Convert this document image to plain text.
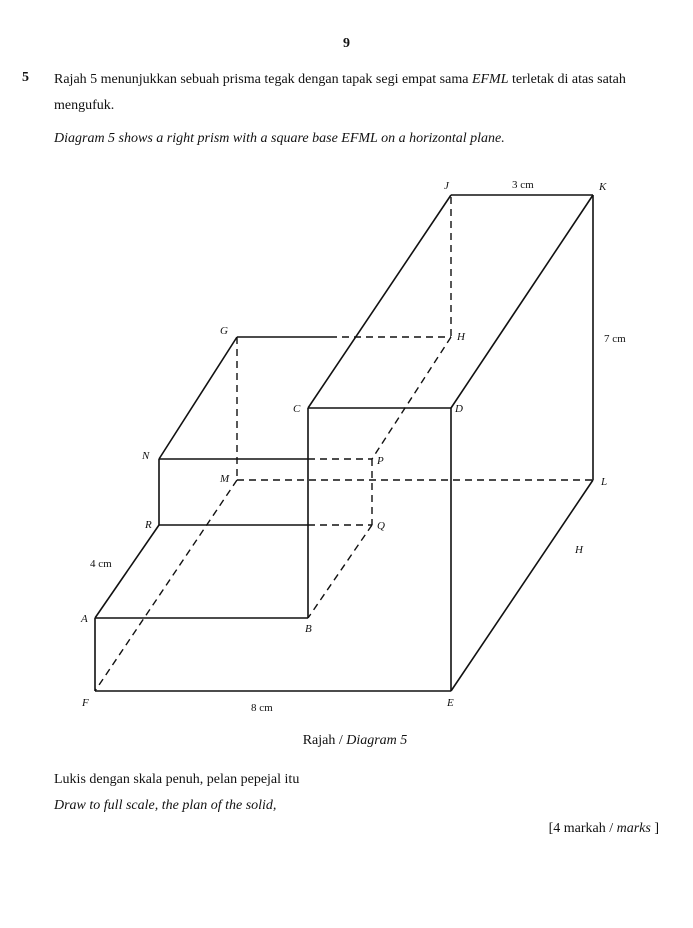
9
5 Rajah 5 menunjukkan sebuah prisma tegak dengan tapak segi empat sama EFML terletak di atas satah mengufuk.
Diagram 5 shows a right prism with a square base EFML on a horizontal plane.
J	K
G	H
C	D
N	P
M	L
R	Q
A
B
F	E
H
3 cm
7 cm
4 cm
8 cm
Rajah / Diagram 5
Lukis dengan skala penuh, pelan pepejal itu
Draw to full scale, the plan of the solid,
[4 markah / marks ]
